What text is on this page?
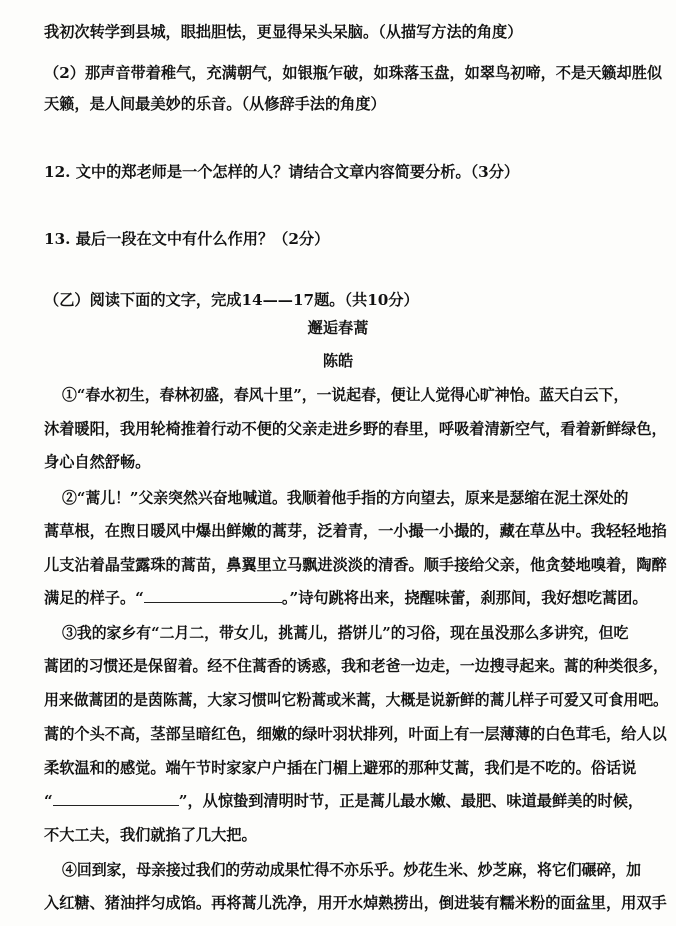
我初次转学到县城，眼拙胆怯，更显得呆头呆脑。（从描写方法的角度）
（2）那声音带着稚气，充满朝气，如银瓶乍破，如珠落玉盘，如翠鸟初啼，不是天籁却胜似
天籁，是人间最美妙的乐音。（从修辞手法的角度）
12. 文中的郑老师是一个怎样的人？请结合文章内容简要分析。（3分）
13. 最后一段在文中有什么作用？（2分）
（乙）阅读下面的文字，完成14——17题。（共10分）
邂逅春蒿
陈皓
①“春水初生，春林初盛，春风十里”，一说起春，便让人觉得心旷神怡。蓝天白云下，
沐着暖阳，我用轮椅推着行动不便的父亲走进乡野的春里，呼吸着清新空气，看着新鲜绿色，
身心自然舒畅。
②“蒿儿！”父亲突然兴奋地喊道。我顺着他手指的方向望去，原来是瑟缩在泥土深处的
蒿草根，在煦日暖风中爆出鲜嫩的蒿芽，泛着青，一小撮一小撮的，藏在草丛中。我轻轻地掐
儿支沾着晶莹露珠的蒿苗，鼻翼里立马飘进淡淡的清香。顺手接给父亲，他贪婪地嗅着，陶醉
满足的样子。“	。”诗句跳将出来，挠醒味蕾，刹那间，我好想吃蒿团。
③我的家乡有“二月二，带女儿，挑蒿儿，搭饼儿”的习俗，现在虽没那么多讲究，但吃
蒿团的习惯还是保留着。经不住蒿香的诱惑，我和老爸一边走，一边搜寻起来。蒿的种类很多，
用来做蒿团的是茵陈蒿，大家习惯叫它粉蒿或米蒿，大概是说新鲜的蒿儿样子可爱又可食用吧。
蒿的个头不高，茎部呈暗红色，细嫩的绿叶羽状排列，叶面上有一层薄薄的白色茸毛，给人以
柔软温和的感觉。端午节时家家户户插在门楣上避邪的那种艾蒿，我们是不吃的。俗话说
“	”，从惊蛰到清明时节，正是蒿儿最水嫩、最肥、味道最鲜美的时候，
不大工夫，我们就掐了几大把。
④回到家，母亲接过我们的劳动成果忙得不亦乐乎。炒花生米、炒芝麻，将它们碾碎，加
入红糖、猪油拌匀成馅。再将蒿儿洗净，用开水焯熟捞出，倒进装有糯米粉的面盆里，用双手
